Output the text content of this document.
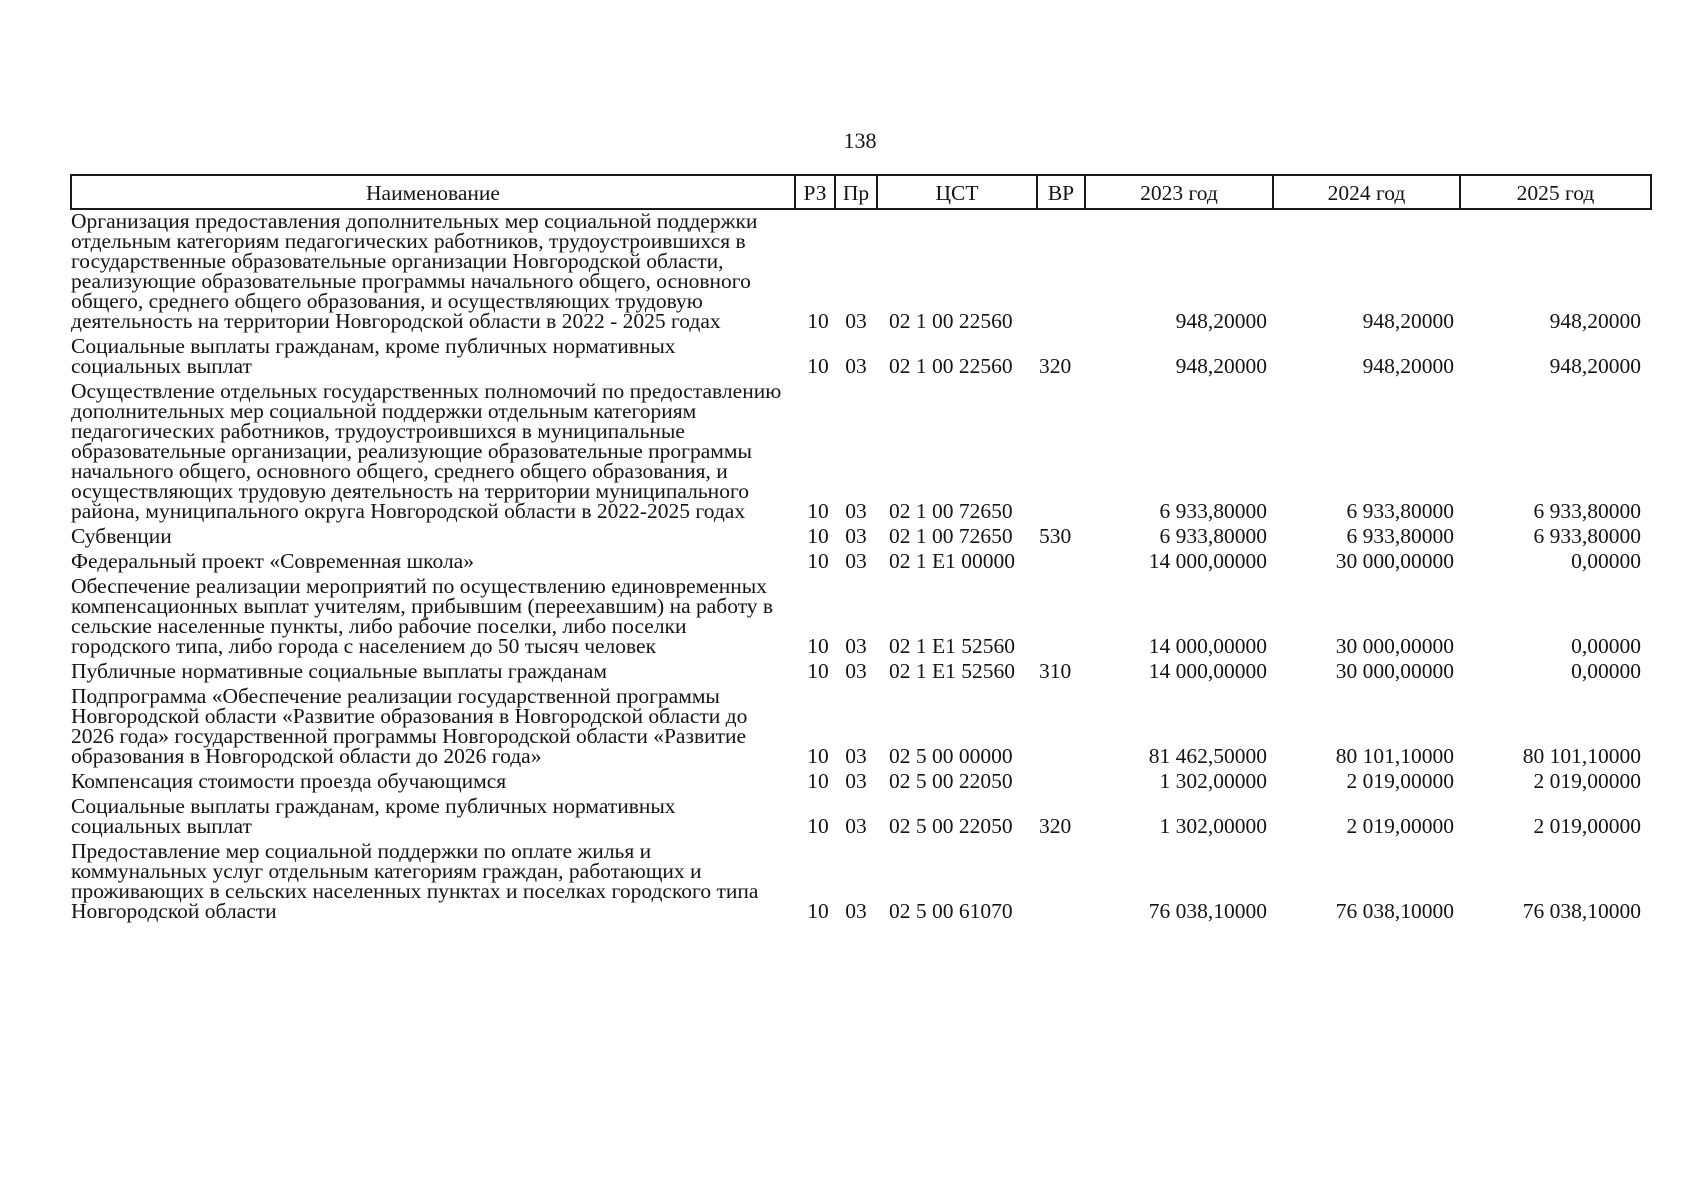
138
Наименование	РЗ	Пр	ЦСТ	ВР	2023 год	2024 год	2025 год
Организация предоставления дополнительных мер социальной поддержки отдельным категориям педагогических работников, трудоустроившихся в государственные образовательные организации Новгородской области, реализующие образовательные программы начального общего, основного общего, среднего общего образования, и осуществляющих трудовую деятельность на территории Новгородской области в 2022 - 2025 годах	10	03	02 1 00 22560		948,20000	948,20000	948,20000
Социальные выплаты гражданам, кроме публичных нормативных социальных выплат	10	03	02 1 00 22560	320	948,20000	948,20000	948,20000
Осуществление отдельных государственных полномочий по предоставлению дополнительных мер социальной поддержки отдельным категориям педагогических работников, трудоустроившихся в муниципальные образовательные организации, реализующие образовательные программы начального общего, основного общего, среднего общего образования, и осуществляющих трудовую деятельность на территории муниципального района, муниципального округа Новгородской области в 2022-2025 годах	10	03	02 1 00 72650		6 933,80000	6 933,80000	6 933,80000
Субвенции	10	03	02 1 00 72650	530	6 933,80000	6 933,80000	6 933,80000
Федеральный проект «Современная школа»	10	03	02 1 E1 00000		14 000,00000	30 000,00000	0,00000
Обеспечение реализации мероприятий по осуществлению единовременных компенсационных выплат учителям, прибывшим (переехавшим) на работу в сельские населенные пункты, либо рабочие поселки, либо поселки городского типа, либо города с населением до 50 тысяч человек	10	03	02 1 E1 52560		14 000,00000	30 000,00000	0,00000
Публичные нормативные социальные выплаты гражданам	10	03	02 1 E1 52560	310	14 000,00000	30 000,00000	0,00000
Подпрограмма «Обеспечение реализации государственной программы Новгородской области «Развитие образования в Новгородской области до 2026 года» государственной программы Новгородской области «Развитие образования в Новгородской области до 2026 года»	10	03	02 5 00 00000		81 462,50000	80 101,10000	80 101,10000
Компенсация стоимости проезда обучающимся	10	03	02 5 00 22050		1 302,00000	2 019,00000	2 019,00000
Социальные выплаты гражданам, кроме публичных нормативных социальных выплат	10	03	02 5 00 22050	320	1 302,00000	2 019,00000	2 019,00000
Предоставление мер социальной поддержки по оплате жилья и коммунальных услуг отдельным категориям граждан, работающих и проживающих в сельских населенных пунктах и поселках городского типа Новгородской области	10	03	02 5 00 61070		76 038,10000	76 038,10000	76 038,10000
